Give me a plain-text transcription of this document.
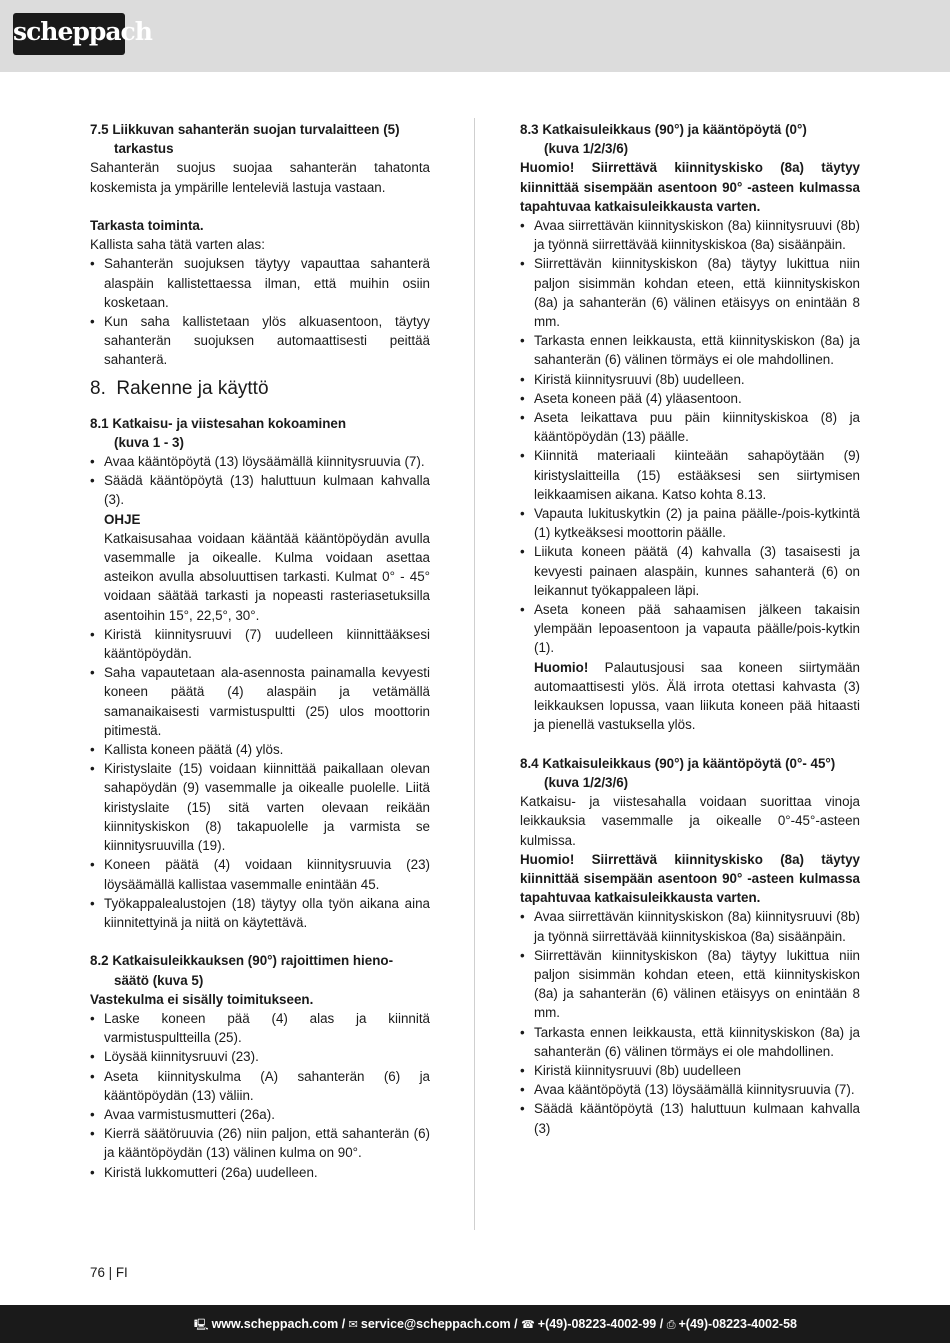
scheppach

7.5 Liikkuvan sahanterän suojan turvalaitteen (5)
tarkastus

Sahanterän suojus suojaa sahanterän tahatonta koskemista ja ympärille lenteleviä lastuja vastaan.

Tarkasta toiminta.

Kallista saha tätä varten alas:

• Sahanterän suojuksen täytyy vapauttaa sahanterä alaspäin kallistettaessa ilman, että muihin osiin kosketaan.
• Kun saha kallistetaan ylös alkuasentoon, täytyy sahanterän suojuksen automaattisesti peittää sahanterä.

8. Rakenne ja käyttö

8.1 Katkaisu- ja viistesahan kokoaminen
(kuva 1 - 3)

• Avaa kääntöpöytä (13) löysäämällä kiinnitysruuvia (7).
• Säädä kääntöpöytä (13) haluttuun kulmaan kahvalla (3).

OHJE

Katkaisusahaa voidaan kääntää kääntöpöydän avulla vasemmalle ja oikealle. Kulma voidaan asettaa asteikon avulla absoluuttisen tarkasti. Kulmat 0° - 45° voidaan säätää tarkasti ja nopeasti rasteriasetuksilla asentoihin 15°, 22,5°, 30°.

• Kiristä kiinnitysruuvi (7) uudelleen kiinnittääksesi kääntöpöydän.
• Saha vapautetaan ala-asennosta painamalla kevyesti koneen päätä (4) alaspäin ja vetämällä samanaikaisesti varmistuspultti (25) ulos moottorin pitimestä.
• Kallista koneen päätä (4) ylös.
• Kiristyslaite (15) voidaan kiinnittää paikallaan olevan sahapöydän (9) vasemmalle ja oikealle puolelle. Liitä kiristyslaite (15) sitä varten olevaan reikään kiinnityskiskon (8) takapuolelle ja varmista se kiinnitysruuvilla (19).
• Koneen päätä (4) voidaan kiinnitysruuvia (23) löysäämällä kallistaa vasemmalle enintään 45.
• Työkappalealustojen (18) täytyy olla työn aikana aina kiinnitettyinä ja niitä on käytettävä.

8.2 Katkaisuleikkauksen (90°) rajoittimen hieno-
säätö (kuva 5)

Vastekulma ei sisälly toimitukseen.

• Laske koneen pää (4) alas ja kiinnitä varmistuspultteilla (25).
• Löysää kiinnitysruuvi (23).
• Aseta kiinnityskulma (A) sahanterän (6) ja kääntöpöydän (13) väliin.
• Avaa varmistusmutteri (26a).
• Kierrä säätöruuvia (26) niin paljon, että sahanterän (6) ja kääntöpöydän (13) välinen kulma on 90°.
• Kiristä lukkomutteri (26a) uudelleen.

8.3 Katkaisuleikkaus (90°) ja kääntöpöytä (0°)
(kuva 1/2/3/6)

Huomio! Siirrettävä kiinnityskisko (8a) täytyy kiinnittää sisempään asentoon 90° -asteen kulmassa tapahtuvaa katkaisuleikkausta varten.

• Avaa siirrettävän kiinnityskiskon (8a) kiinnitysruuvi (8b) ja työnnä siirrettävää kiinnityskiskoa (8a) sisäänpäin.
• Siirrettävän kiinnityskiskon (8a) täytyy lukittua niin paljon sisimmän kohdan eteen, että kiinnityskiskon (8a) ja sahanterän (6) välinen etäisyys on enintään 8 mm.
• Tarkasta ennen leikkausta, että kiinnityskiskon (8a) ja sahanterän (6) välinen törmäys ei ole mahdollinen.
• Kiristä kiinnitysruuvi (8b) uudelleen.
• Aseta koneen pää (4) yläasentoon.
• Aseta leikattava puu päin kiinnityskiskoa (8) ja kääntöpöydän (13) päälle.
• Kiinnitä materiaali kiinteään sahapöytään (9) kiristyslaitteilla (15) estääksesi sen siirtymisen leikkaamisen aikana. Katso kohta 8.13.
• Vapauta lukituskytkin (2) ja paina päälle-/pois-kytkintä (1) kytkeäksesi moottorin päälle.
• Liikuta koneen päätä (4) kahvalla (3) tasaisesti ja kevyesti painaen alaspäin, kunnes sahanterä (6) on leikannut työkappaleen läpi.
• Aseta koneen pää sahaamisen jälkeen takaisin ylempään lepoasentoon ja vapauta päälle/pois-kytkin (1).

Huomio! Palautusjousi saa koneen siirtymään automaattisesti ylös. Älä irrota otettasi kahvasta (3) leikkauksen lopussa, vaan liikuta koneen pää hitaasti ja pienellä vastuksella ylös.

8.4 Katkaisuleikkaus (90°) ja kääntöpöytä (0°- 45°)
(kuva 1/2/3/6)

Katkaisu- ja viistesahalla voidaan suorittaa vinoja leikkauksia vasemmalle ja oikealle 0°-45°-asteen kulmissa.

Huomio! Siirrettävä kiinnityskisko (8a) täytyy kiinnittää sisempään asentoon 90° -asteen kulmassa tapahtuvaa katkaisuleikkausta varten.

• Avaa siirrettävän kiinnityskiskon (8a) kiinnitysruuvi (8b) ja työnnä siirrettävää kiinnityskiskoa (8a) sisäänpäin.
• Siirrettävän kiinnityskiskon (8a) täytyy lukittua niin paljon sisimmän kohdan eteen, että kiinnityskiskon (8a) ja sahanterän (6) välinen etäisyys on enintään 8 mm.
• Tarkasta ennen leikkausta, että kiinnityskiskon (8a) ja sahanterän (6) välinen törmäys ei ole mahdollinen.
• Kiristä kiinnitysruuvi (8b) uudelleen
• Avaa kääntöpöytä (13) löysäämällä kiinnitysruuvia (7).
• Säädä kääntöpöytä (13) haluttuun kulmaan kahvalla (3)
76 | FI
🖳 www.scheppach.com / ✉ service@scheppach.com / ☎ +(49)-08223-4002-99 / ⎙ +(49)-08223-4002-58
